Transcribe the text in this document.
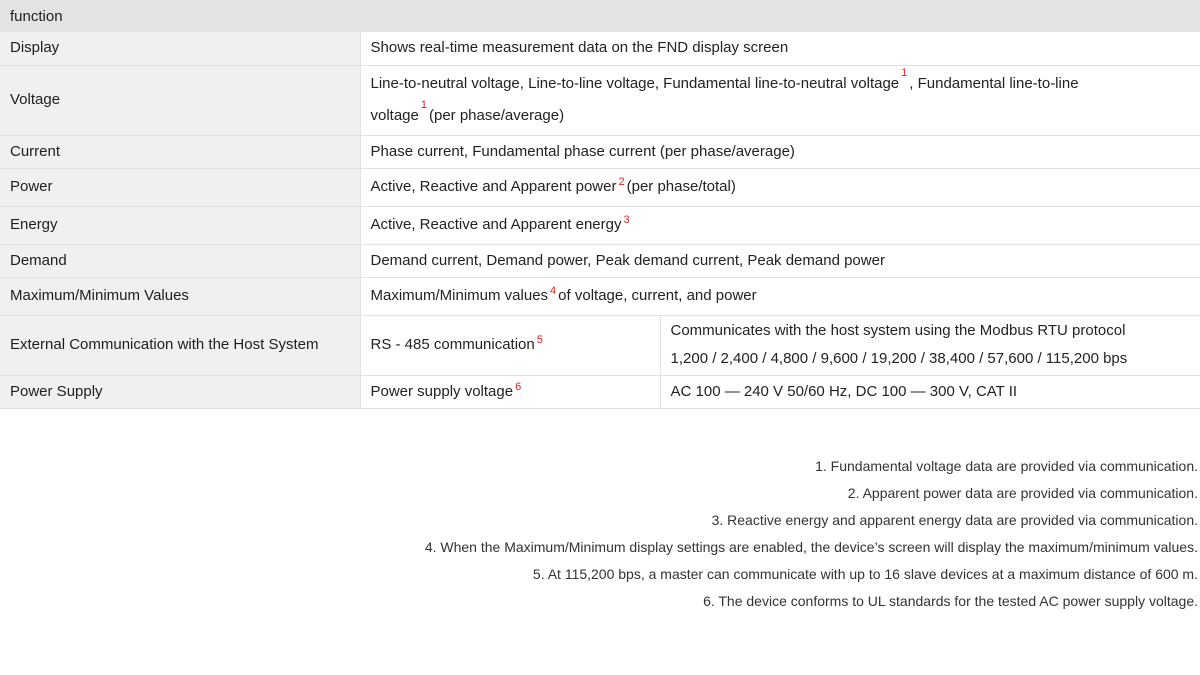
function
Display	Shows real-time measurement data on the FND display screen	
Voltage	Line-to-neutral voltage, Line-to-line voltage, Fundamental line-to-neutral voltage$^1$, Fundamental line-to-line
voltage$^1$(per phase/average)	
Current	Phase current, Fundamental phase current (per phase/average)	
Power	Active, Reactive and Apparent power $^2$ (per phase/total)	
Energy	Active, Reactive and Apparent energy $^3$
Demand	Demand current, Demand power, Peak demand current, Peak demand power	
Maximum/Minimum Values	Maximum/Minimum values $^4$ of voltage, current, and power	
External Communication with the Host System	RS - 485 communication $^5$	Communicates with the host system using the Modbus RTU protocol
1,200 / 2,400 / 4,800 / 9,600 / 19,200 / 38,400 / 57,600 / 115,200 bps
Power Supply	Power supply voltage $^6$	AC 100 — 240 V 50/60 Hz, DC 100 — 300 V, CAT II
1. Fundamental voltage data are provided via communication.
2. Apparent power data are provided via communication.
3. Reactive energy and apparent energy data are provided via communication.
4. When the Maximum/Minimum display settings are enabled, the device’s screen will display the maximum/minimum values.
5. At 115,200 bps, a master can communicate with up to 16 slave devices at a maximum distance of 600 m.
6. The device conforms to UL standards for the tested AC power supply voltage.
